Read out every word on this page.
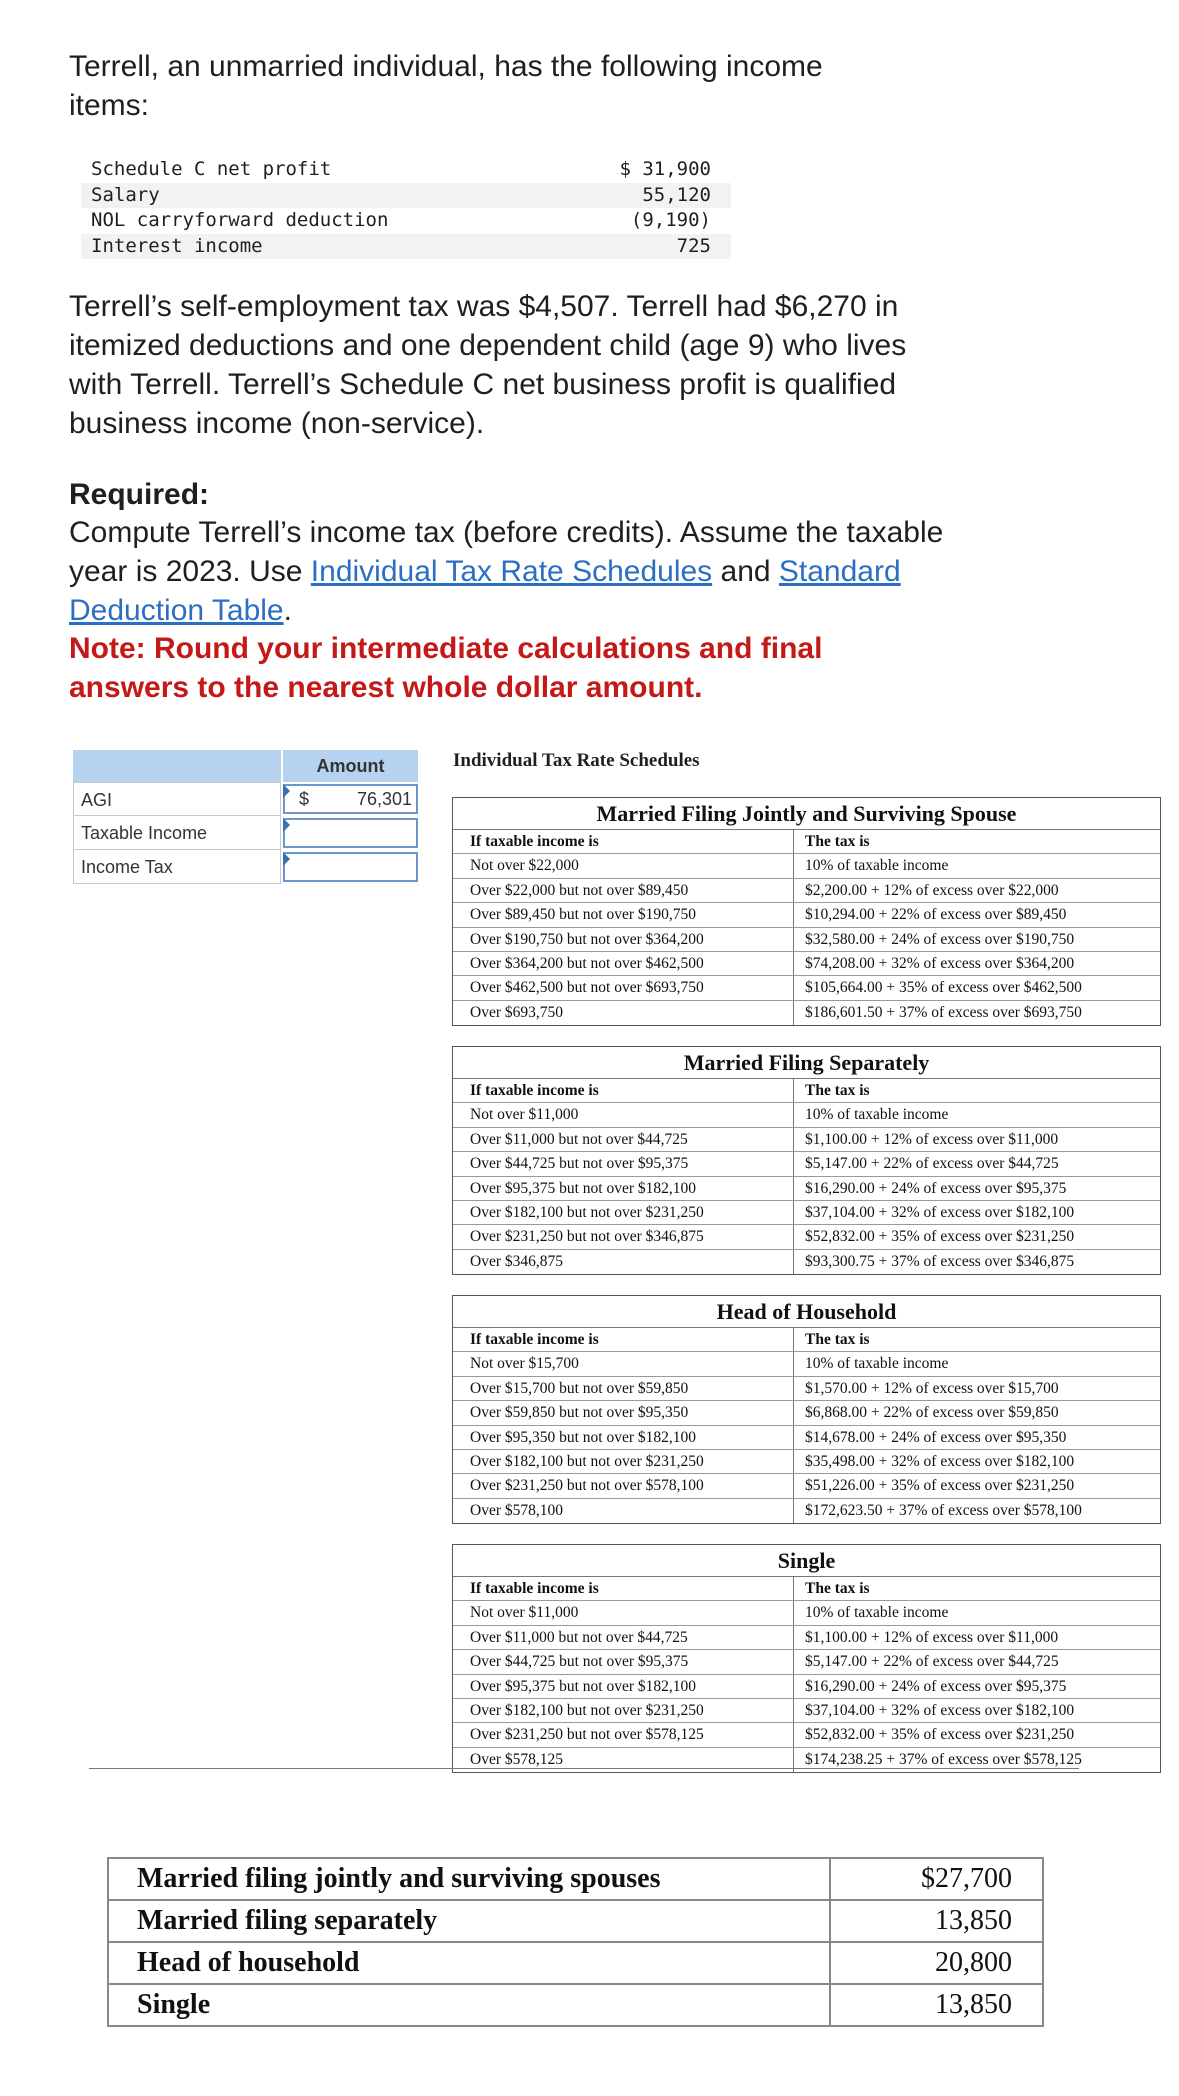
Terrell, an unmarried individual, has the following income items:
Schedule C net profit	$ 31,900
Salary	55,120
NOL carryforward deduction	(9,190)
Interest income	725
Terrell’s self-employment tax was $4,507. Terrell had $6,270 in itemized deductions and one dependent child (age 9) who lives with Terrell. Terrell’s Schedule C net business profit is qualified business income (non-service).
Required:
Compute Terrell’s income tax (before credits). Assume the taxable year is 2023. Use Individual Tax Rate Schedules and Standard Deduction Table.
Note: Round your intermediate calculations and final answers to the nearest whole dollar amount.
Amount
AGI	$	76,301
Taxable Income
Income Tax
Individual Tax Rate Schedules
Married Filing Jointly and Surviving Spouse
If taxable income is	The tax is
Not over $22,000	10% of taxable income
Over $22,000 but not over $89,450	$2,200.00 + 12% of excess over $22,000
Over $89,450 but not over $190,750	$10,294.00 + 22% of excess over $89,450
Over $190,750 but not over $364,200	$32,580.00 + 24% of excess over $190,750
Over $364,200 but not over $462,500	$74,208.00 + 32% of excess over $364,200
Over $462,500 but not over $693,750	$105,664.00 + 35% of excess over $462,500
Over $693,750	$186,601.50 + 37% of excess over $693,750
Married Filing Separately
If taxable income is	The tax is
Not over $11,000	10% of taxable income
Over $11,000 but not over $44,725	$1,100.00 + 12% of excess over $11,000
Over $44,725 but not over $95,375	$5,147.00 + 22% of excess over $44,725
Over $95,375 but not over $182,100	$16,290.00 + 24% of excess over $95,375
Over $182,100 but not over $231,250	$37,104.00 + 32% of excess over $182,100
Over $231,250 but not over $346,875	$52,832.00 + 35% of excess over $231,250
Over $346,875	$93,300.75 + 37% of excess over $346,875
Head of Household
If taxable income is	The tax is
Not over $15,700	10% of taxable income
Over $15,700 but not over $59,850	$1,570.00 + 12% of excess over $15,700
Over $59,850 but not over $95,350	$6,868.00 + 22% of excess over $59,850
Over $95,350 but not over $182,100	$14,678.00 + 24% of excess over $95,350
Over $182,100 but not over $231,250	$35,498.00 + 32% of excess over $182,100
Over $231,250 but not over $578,100	$51,226.00 + 35% of excess over $231,250
Over $578,100	$172,623.50 + 37% of excess over $578,100
Single
If taxable income is	The tax is
Not over $11,000	10% of taxable income
Over $11,000 but not over $44,725	$1,100.00 + 12% of excess over $11,000
Over $44,725 but not over $95,375	$5,147.00 + 22% of excess over $44,725
Over $95,375 but not over $182,100	$16,290.00 + 24% of excess over $95,375
Over $182,100 but not over $231,250	$37,104.00 + 32% of excess over $182,100
Over $231,250 but not over $578,125	$52,832.00 + 35% of excess over $231,250
Over $578,125	$174,238.25 + 37% of excess over $578,125
Married filing jointly and surviving spouses	$27,700
Married filing separately	13,850
Head of household	20,800
Single	13,850
